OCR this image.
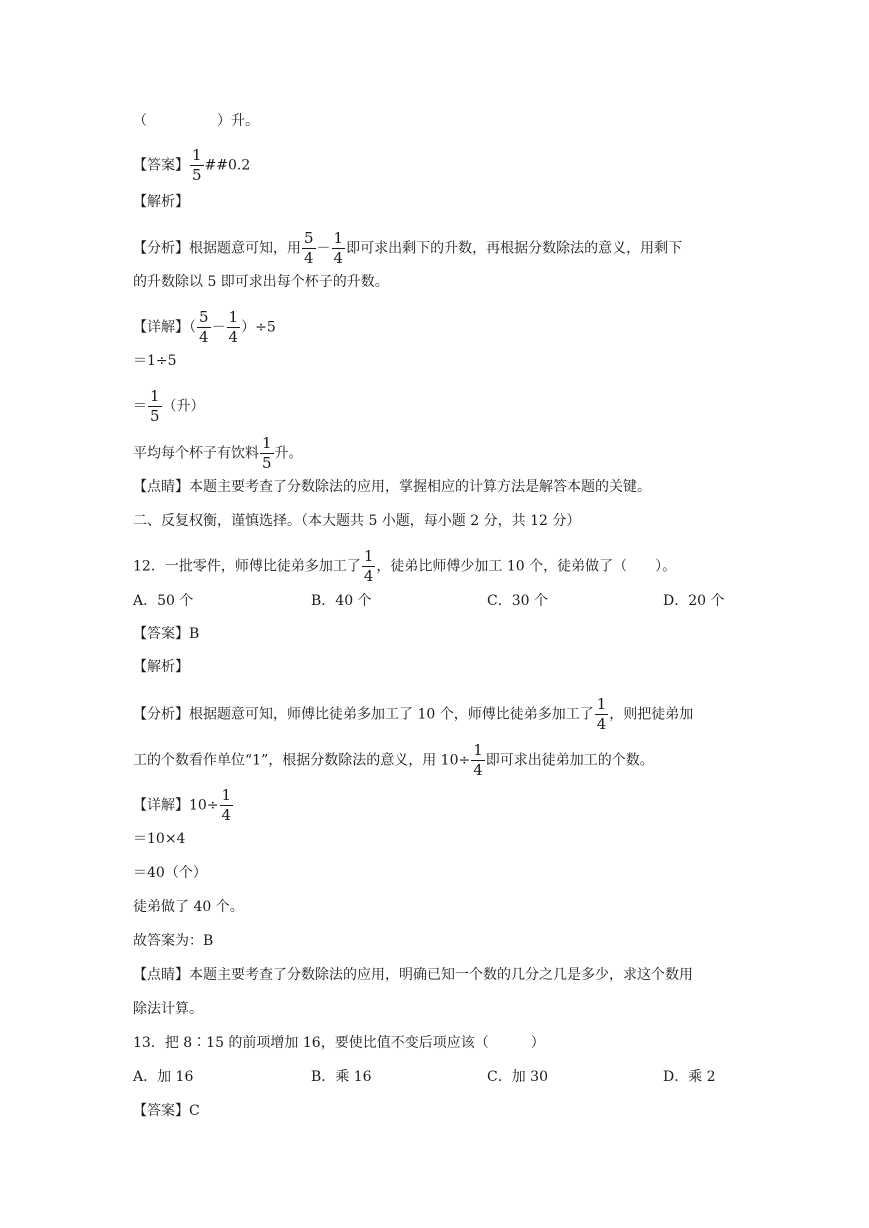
（　　　　　）升。
【答案】 $\frac{1}{5}$ ##0.2
【解析】
【分析】根据题意可知，用 $\frac{5}{4} - \frac{1}{4}$ 即可求出剩下的升数，再根据分数除法的意义，用剩下
的升数除以 5 即可求出每个杯子的升数。
【详解】（ $\frac{5}{4} - \frac{1}{4} )\div 5$
＝1÷5
＝ $\frac{1}{5}$ （升）
平均每个杯子有饮料 $\frac{1}{5}$ 升。
【点睛】本题主要考查了分数除法的应用，掌握相应的计算方法是解答本题的关键。
二、反复权衡，谨慎选择。（本大题共 5 小题，每小题 2 分，共 12 分）
12．一批零件，师傅比徒弟多加工了 $\frac{1}{4}$ ，徒弟比师傅少加工 10 个，徒弟做了（　　）。
A．50 个	B．40 个	C．30 个	D．20 个
【答案】B
【解析】
【分析】根据题意可知，师傅比徒弟多加工了 10 个，师傅比徒弟多加工了 $\frac{1}{4}$ ，则把徒弟加
工的个数看作单位“1”，根据分数除法的意义，用 $10\div \frac{1}{4}$ 即可求出徒弟加工的个数。
【详解】$10\div \frac{1}{4}$
＝10×4
＝40（个）
徒弟做了 40 个。
故答案为：B
【点睛】本题主要考查了分数除法的应用，明确已知一个数的几分之几是多少，求这个数用
除法计算。
13．把 8∶15 的前项增加 16，要使比值不变后项应该（　　　）
A．加 16	B．乘 16	C．加 30	D．乘 2
【答案】C
